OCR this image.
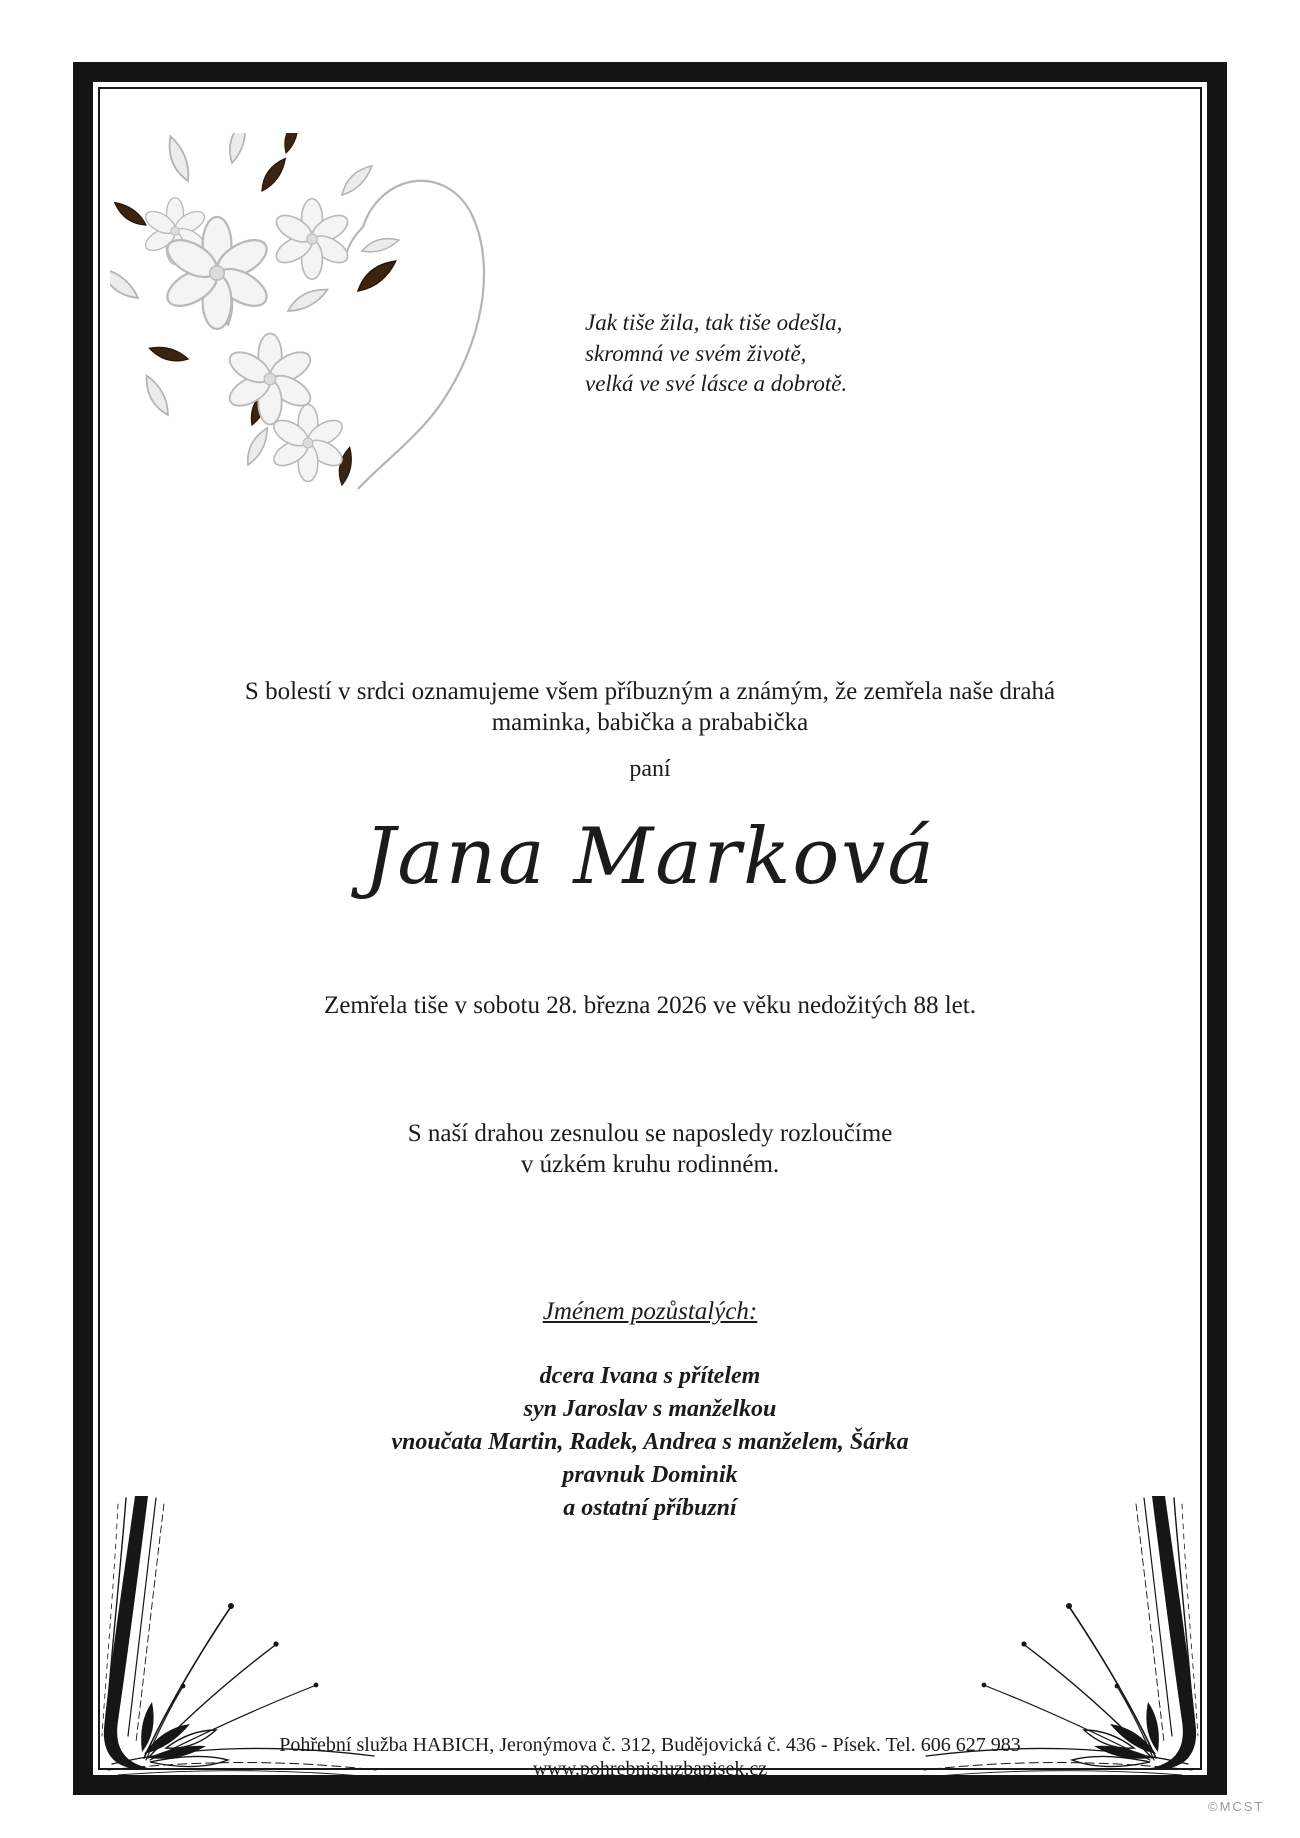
Jak tiše žila, tak tiše odešla,
skromná ve svém životě,
velká ve své lásce a dobrotě.
S bolestí v srdci oznamujeme všem příbuzným a známým, že zemřela naše drahá
maminka, babička a prababička
paní
Jana Marková
Zemřela tiše v sobotu 28. března 2026 ve věku nedožitých 88 let.
S naší drahou zesnulou se naposledy rozloučíme
v úzkém kruhu rodinném.
Jménem pozůstalých:
dcera Ivana s přítelem
syn Jaroslav s manželkou
vnoučata Martin, Radek, Andrea s manželem, Šárka
pravnuk Dominik
a ostatní příbuzní
Pohřební služba HABICH, Jeronýmova č. 312, Budějovická č. 436 - Písek. Tel. 606 627 983
www.pohrebnisluzbapisek.cz
©MCST
